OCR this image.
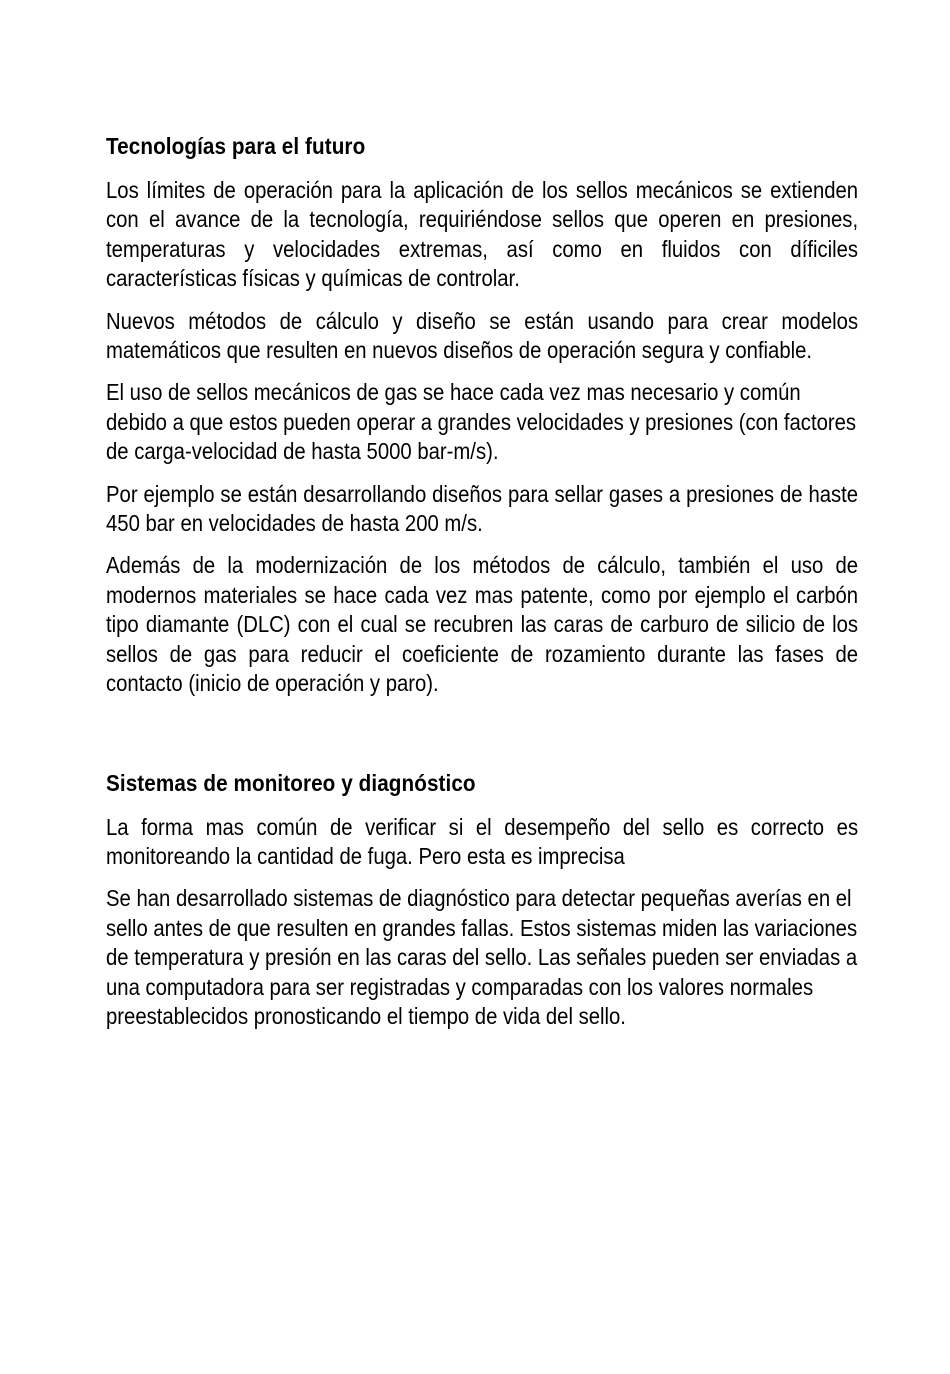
Tecnologías para el futuro

Los límites de operación para la aplicación de los sellos mecánicos se extienden con el avance de la tecnología, requiriéndose sellos que operen en presiones, temperaturas y velocidades extremas, así como en fluidos con díficiles características físicas y químicas de controlar.

Nuevos métodos de cálculo y diseño se están usando para crear modelos matemáticos que resulten en nuevos diseños de operación segura y confiable.

El uso de sellos mecánicos de gas se hace cada vez mas necesario y común debido a que estos pueden operar a grandes velocidades y presiones (con factores de carga-velocidad de hasta 5000 bar-m/s).

Por ejemplo se están desarrollando diseños para sellar gases a presiones de haste 450 bar en velocidades de hasta 200 m/s.

Además de la modernización de los métodos de cálculo, también el uso de modernos materiales se hace cada vez mas patente, como por ejemplo el carbón tipo diamante (DLC) con el cual se recubren las caras de carburo de silicio de los sellos de gas para reducir el coeficiente de rozamiento durante las fases de contacto (inicio de operación y paro).

Sistemas de monitoreo y diagnóstico

La forma mas común de verificar si el desempeño del sello es correcto es monitoreando la cantidad de fuga. Pero esta es imprecisa

Se han desarrollado sistemas de diagnóstico para detectar pequeñas averías en el sello antes de que resulten en grandes fallas. Estos sistemas miden las variaciones de temperatura y presión en las caras del sello. Las señales pueden ser enviadas a una computadora para ser registradas y comparadas con los valores normales preestablecidos pronosticando el tiempo de vida del sello.
